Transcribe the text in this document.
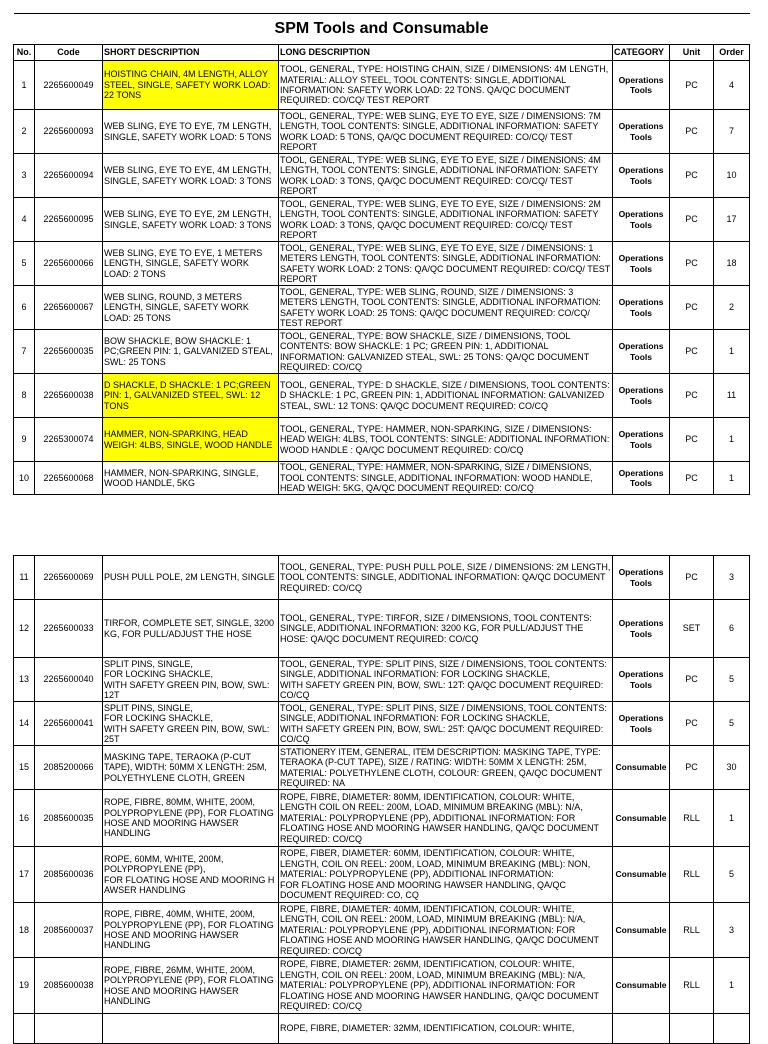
SPM Tools and Consumable						
No.	Code	SHORT DESCRIPTION	LONG DESCRIPTION	CATEGORY	Unit	Order
1	2265600049	HOISTING CHAIN, 4M LENGTH, ALLOY STEEL, SINGLE, SAFETY WORK LOAD: 22 TONS	TOOL, GENERAL, TYPE: HOISTING CHAIN, SIZE / DIMENSIONS: 4M LENGTH, MATERIAL: ALLOY STEEL, TOOL CONTENTS: SINGLE, ADDITIONAL INFORMATION: SAFETY WORK LOAD: 22 TONS. QA/QC DOCUMENT REQUIRED: CO/CQ/ TEST REPORT	Operations Tools	PC	4
2	2265600093	WEB SLING, EYE TO EYE, 7M LENGTH, SINGLE, SAFETY WORK LOAD: 5 TONS	TOOL, GENERAL, TYPE: WEB SLING, EYE TO EYE, SIZE / DIMENSIONS: 7M LENGTH, TOOL CONTENTS: SINGLE, ADDITIONAL INFORMATION: SAFETY WORK LOAD: 5 TONS, QA/QC DOCUMENT REQUIRED: CO/CQ/ TEST REPORT	Operations Tools	PC	7
3	2265600094	WEB SLING, EYE TO EYE, 4M LENGTH, SINGLE, SAFETY WORK LOAD: 3 TONS	TOOL, GENERAL, TYPE: WEB SLING, EYE TO EYE, SIZE / DIMENSIONS: 4M LENGTH, TOOL CONTENTS: SINGLE, ADDITIONAL INFORMATION: SAFETY WORK LOAD: 3 TONS, QA/QC DOCUMENT REQUIRED: CO/CQ/ TEST REPORT	Operations Tools	PC	10
4	2265600095	WEB SLING, EYE TO EYE, 2M LENGTH, SINGLE, SAFETY WORK LOAD: 3 TONS	TOOL, GENERAL, TYPE: WEB SLING, EYE TO EYE, SIZE / DIMENSIONS: 2M LENGTH, TOOL CONTENTS: SINGLE, ADDITIONAL INFORMATION: SAFETY WORK LOAD: 3 TONS, QA/QC DOCUMENT REQUIRED: CO/CQ/ TEST REPORT	Operations Tools	PC	17
5	2265600066	WEB SLING, EYE TO EYE, 1 METERS LENGTH, SINGLE, SAFETY WORK LOAD: 2 TONS	TOOL, GENERAL, TYPE: WEB SLING, EYE TO EYE, SIZE / DIMENSIONS: 1 METERS LENGTH, TOOL CONTENTS: SINGLE, ADDITIONAL INFORMATION: SAFETY WORK LOAD: 2 TONS: QA/QC DOCUMENT REQUIRED: CO/CQ/ TEST REPORT	Operations Tools	PC	18
6	2265600067	WEB SLING, ROUND, 3 METERS LENGTH, SINGLE, SAFETY WORK LOAD: 25 TONS	TOOL, GENERAL, TYPE: WEB SLING, ROUND, SIZE / DIMENSIONS: 3 METERS LENGTH, TOOL CONTENTS: SINGLE, ADDITIONAL INFORMATION: SAFETY WORK LOAD: 25 TONS: QA/QC DOCUMENT REQUIRED: CO/CQ/ TEST REPORT	Operations Tools	PC	2
7	2265600035	BOW SHACKLE, BOW SHACKLE: 1 PC;GREEN PIN: 1, GALVANIZED STEAL, SWL: 25 TONS	TOOL, GENERAL, TYPE: BOW SHACKLE, SIZE / DIMENSIONS, TOOL CONTENTS: BOW SHACKLE: 1 PC; GREEN PIN: 1, ADDITIONAL INFORMATION: GALVANIZED STEAL, SWL: 25 TONS: QA/QC DOCUMENT REQUIRED: CO/CQ	Operations Tools	PC	1
8	2265600038	D SHACKLE, D SHACKLE: 1 PC;GREEN PIN: 1, GALVANIZED STEEL, SWL: 12 TONS	TOOL, GENERAL, TYPE: D SHACKLE, SIZE / DIMENSIONS, TOOL CONTENTS: D SHACKLE: 1 PC, GREEN PIN: 1, ADDITIONAL INFORMATION: GALVANIZED STEAL, SWL: 12 TONS: QA/QC DOCUMENT REQUIRED: CO/CQ	Operations Tools	PC	11
9	2265300074	HAMMER, NON-SPARKING, HEAD WEIGH: 4LBS, SINGLE, WOOD HANDLE	TOOL, GENERAL, TYPE: HAMMER, NON-SPARKING, SIZE / DIMENSIONS: HEAD WEIGH: 4LBS, TOOL CONTENTS: SINGLE: ADDITIONAL INFORMATION: WOOD HANDLE : QA/QC DOCUMENT REQUIRED: CO/CQ	Operations Tools	PC	1
10	2265600068	HAMMER, NON-SPARKING, SINGLE, WOOD HANDLE, 5KG	TOOL, GENERAL, TYPE: HAMMER, NON-SPARKING, SIZE / DIMENSIONS, TOOL CONTENTS: SINGLE, ADDITIONAL INFORMATION: WOOD HANDLE, HEAD WEIGH: 5KG, QA/QC DOCUMENT REQUIRED: CO/CQ	Operations Tools	PC	1
11	2265600069	PUSH PULL POLE, 2M LENGTH, SINGLE	TOOL, GENERAL, TYPE: PUSH PULL POLE, SIZE / DIMENSIONS: 2M LENGTH, TOOL CONTENTS: SINGLE, ADDITIONAL INFORMATION: QA/QC DOCUMENT REQUIRED: CO/CQ	Operations Tools	PC	3
12	2265600033	TIRFOR, COMPLETE SET, SINGLE, 3200 KG, FOR PULL/ADJUST THE HOSE	TOOL, GENERAL, TYPE: TIRFOR, SIZE / DIMENSIONS, TOOL CONTENTS: SINGLE, ADDITIONAL INFORMATION: 3200 KG, FOR PULL/ADJUST THE HOSE: QA/QC DOCUMENT REQUIRED: CO/CQ	Operations Tools	SET	6
13	2265600040	SPLIT PINS, SINGLE,
FOR LOCKING SHACKLE,
WITH SAFETY GREEN PIN, BOW, SWL: 12T	TOOL, GENERAL, TYPE: SPLIT PINS, SIZE / DIMENSIONS, TOOL CONTENTS: SINGLE, ADDITIONAL INFORMATION: FOR LOCKING SHACKLE,
WITH SAFETY GREEN PIN, BOW, SWL: 12T: QA/QC DOCUMENT REQUIRED: CO/CQ	Operations Tools	PC	5
14	2265600041	SPLIT PINS, SINGLE,
FOR LOCKING SHACKLE,
WITH SAFETY GREEN PIN, BOW, SWL: 25T	TOOL, GENERAL, TYPE: SPLIT PINS, SIZE / DIMENSIONS, TOOL CONTENTS: SINGLE, ADDITIONAL INFORMATION: FOR LOCKING SHACKLE,
WITH SAFETY GREEN PIN, BOW, SWL: 25T: QA/QC DOCUMENT REQUIRED: CO/CQ	Operations Tools	PC	5
15	2085200066	MASKING TAPE, TERAOKA (P-CUT TAPE), WIDTH: 50MM X LENGTH: 25M, POLYETHYLENE CLOTH, GREEN	STATIONERY ITEM, GENERAL, ITEM DESCRIPTION: MASKING TAPE, TYPE: TERAOKA (P-CUT TAPE), SIZE / RATING: WIDTH: 50MM X LENGTH: 25M, MATERIAL: POLYETHYLENE CLOTH, COLOUR: GREEN, QA/QC DOCUMENT REQUIRED: NA	Consumable	PC	30
16	2085600035	ROPE, FIBRE, 80MM, WHITE, 200M, POLYPROPYLENE (PP), FOR FLOATING HOSE AND MOORING HAWSER HANDLING	ROPE, FIBRE, DIAMETER: 80MM, IDENTIFICATION, COLOUR: WHITE, LENGTH COIL ON REEL: 200M, LOAD, MINIMUM BREAKING (MBL): N/A, MATERIAL: POLYPROPYLENE (PP), ADDITIONAL INFORMATION: FOR FLOATING HOSE AND MOORING HAWSER HANDLING, QA/QC DOCUMENT REQUIRED: CO/CQ	Consumable	RLL	1
17	2085600036	ROPE, 60MM, WHITE, 200M, POLYPROPYLENE (PP),
FOR FLOATING HOSE AND MOORING H AWSER HANDLING	ROPE, FIBER, DIAMETER: 60MM, IDENTIFICATION, COLOUR: WHITE, LENGTH, COIL ON REEL: 200M, LOAD, MINIMUM BREAKING (MBL): NON, MATERIAL: POLYPROPYLENE (PP), ADDITIONAL INFORMATION:
FOR FLOATING HOSE AND MOORING HAWSER HANDLING, QA/QC DOCUMENT REQUIRED: CO, CQ	Consumable	RLL	5
18	2085600037	ROPE, FIBRE, 40MM, WHITE, 200M, POLYPROPYLENE (PP), FOR FLOATING HOSE AND MOORING HAWSER HANDLING	ROPE, FIBRE, DIAMETER: 40MM, IDENTIFICATION, COLOUR: WHITE, LENGTH, COIL ON REEL: 200M, LOAD, MINIMUM BREAKING (MBL): N/A, MATERIAL: POLYPROPYLENE (PP), ADDITIONAL INFORMATION: FOR FLOATING HOSE AND MOORING HAWSER HANDLING, QA/QC DOCUMENT REQUIRED: CO/CQ	Consumable	RLL	3
19	2085600038	ROPE, FIBRE, 26MM, WHITE, 200M, POLYPROPYLENE (PP), FOR FLOATING HOSE AND MOORING HAWSER HANDLING	ROPE, FIBRE, DIAMETER: 26MM, IDENTIFICATION, COLOUR: WHITE, LENGTH, COIL ON REEL: 200M, LOAD, MINIMUM BREAKING (MBL): N/A, MATERIAL: POLYPROPYLENE (PP), ADDITIONAL INFORMATION: FOR FLOATING HOSE AND MOORING HAWSER HANDLING, QA/QC DOCUMENT REQUIRED: CO/CQ	Consumable	RLL	1
			ROPE, FIBRE, DIAMETER: 32MM, IDENTIFICATION, COLOUR: WHITE,			
